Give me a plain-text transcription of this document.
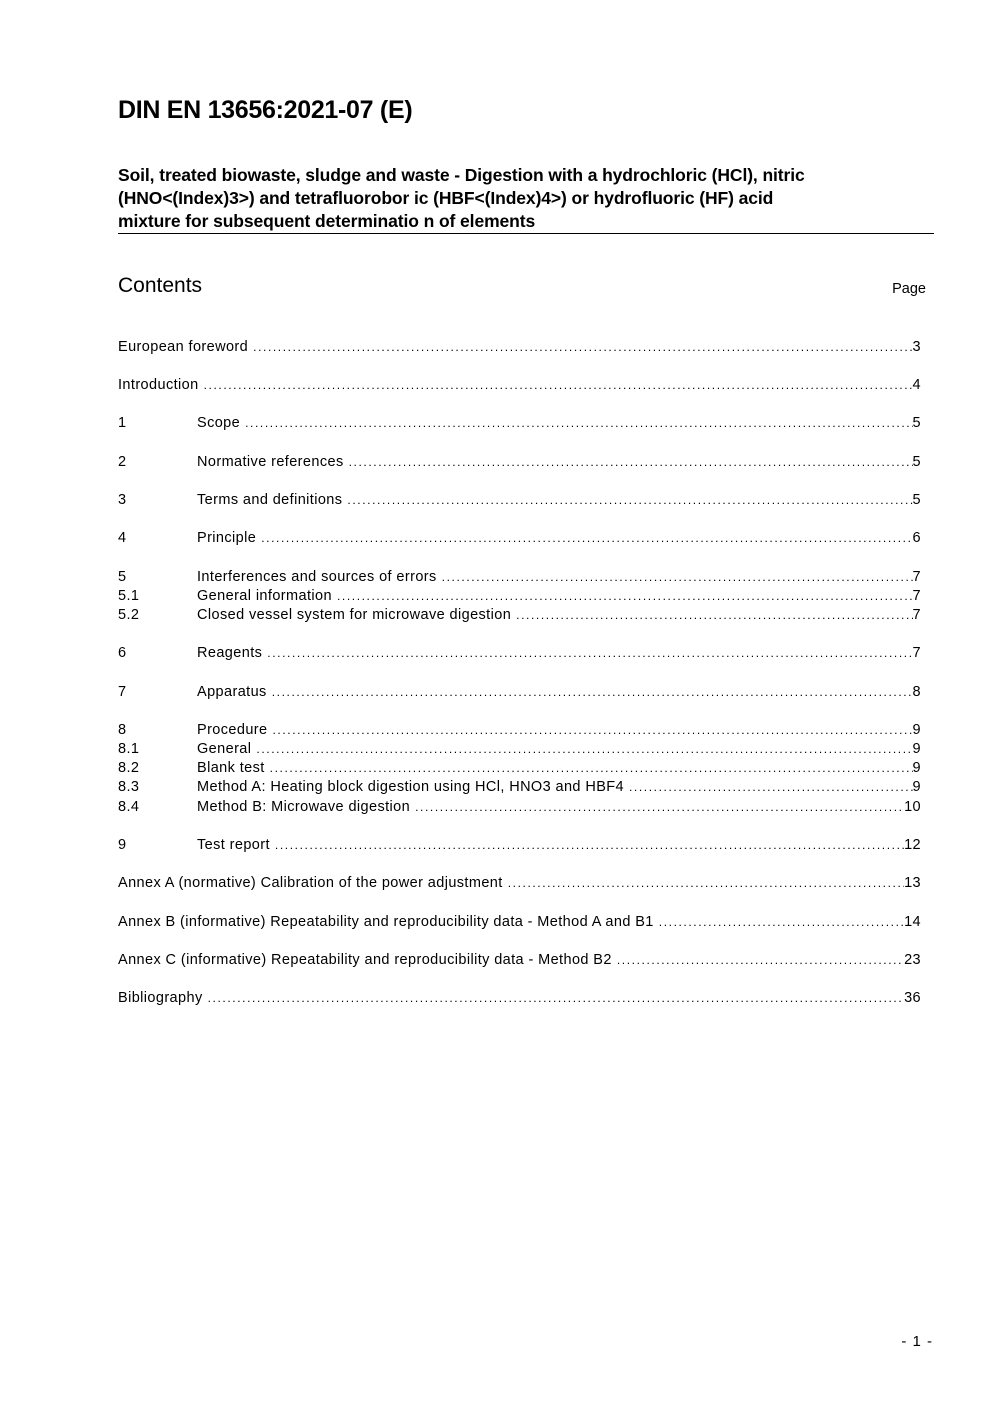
DIN EN 13656:2021-07 (E)
Soil, treated biowaste, sludge and waste - Digestion with a hydrochloric (HCl), nitric
(HNO<(Index)3>) and tetrafluorobor ic (HBF<(Index)4>) or hydrofluoric (HF) acid
mixture for subsequent determinatio n of elements
Contents	Page
European foreword .....	3
Introduction .....	4
1	Scope .....	5
2	Normative references .....	5
3	Terms and definitions .....	5
4	Principle .....	6
5	Interferences and sources of errors .....	7
5.1	General information .....	7
5.2	Closed vessel system for microwave digestion .....	7
6	Reagents .....	7
7	Apparatus .....	8
8	Procedure .....	9
8.1	General .....	9
8.2	Blank test .....	9
8.3	Method A: Heating block digestion using HCl, HNO3 and HBF4 .....	9
8.4	Method B: Microwave digestion .....	10
9	Test report .....	12
Annex A (normative) Calibration of the power adjustment .....	13
Annex B (informative) Repeatability and reproducibility data - Method A and B1 .....	14
Annex C (informative) Repeatability and reproducibility data - Method B2 .....	23
Bibliography .....	36
- 1 -
